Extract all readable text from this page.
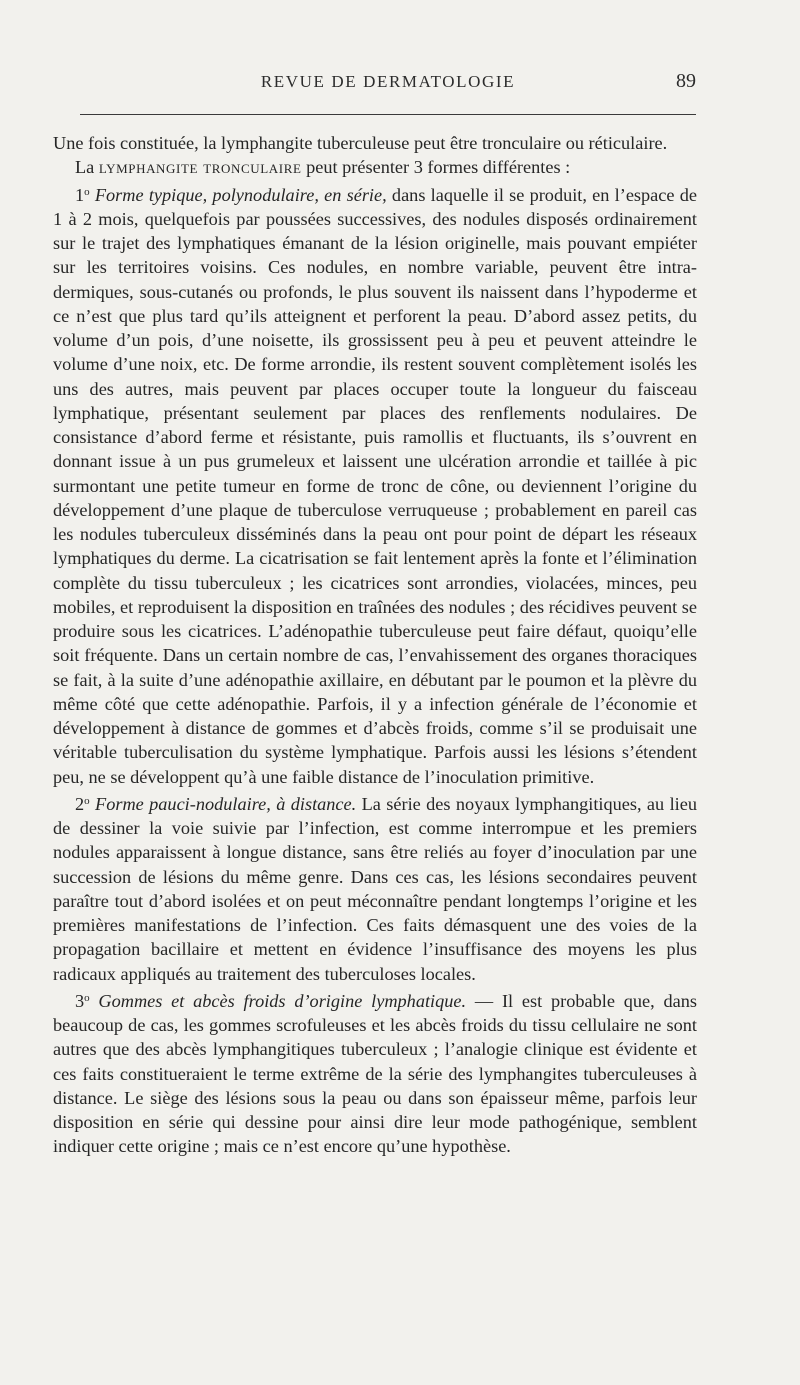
REVUE DE DERMATOLOGIE	89

Une fois constituée, la lymphangite tuberculeuse peut être tronculaire ou réticulaire.

La lymphangite tronculaire peut présenter 3 formes différentes :

1$^o$ Forme typique, polynodulaire, en série, dans laquelle il se produit, en l’espace de 1 à 2 mois, quelquefois par poussées successives, des nodules disposés ordinairement sur le trajet des lymphatiques émanant de la lésion originelle, mais pouvant empiéter sur les territoires voisins. Ces nodules, en nombre variable, peuvent être intra-dermiques, sous-cutanés ou profonds, le plus souvent ils naissent dans l’hypoderme et ce n’est que plus tard qu’ils atteignent et perforent la peau. D’abord assez petits, du volume d’un pois, d’une noisette, ils grossissent peu à peu et peuvent atteindre le volume d’une noix, etc. De forme arrondie, ils restent souvent complètement isolés les uns des autres, mais peuvent par places occuper toute la longueur du faisceau lymphatique, présentant seulement par places des renflements nodulaires. De consistance d’abord ferme et résistante, puis ramollis et fluctuants, ils s’ouvrent en donnant issue à un pus grumeleux et laissent une ulcération arrondie et taillée à pic surmontant une petite tumeur en forme de tronc de cône, ou deviennent l’origine du développement d’une plaque de tuberculose verruqueuse ; probablement en pareil cas les nodules tuberculeux disséminés dans la peau ont pour point de départ les réseaux lymphatiques du derme. La cicatrisation se fait lentement après la fonte et l’élimination complète du tissu tuberculeux ; les cicatrices sont arrondies, violacées, minces, peu mobiles, et reproduisent la disposition en traînées des nodules ; des récidives peuvent se produire sous les cicatrices. L’adénopathie tuberculeuse peut faire défaut, quoiqu’elle soit fréquente. Dans un certain nombre de cas, l’envahissement des organes thoraciques se fait, à la suite d’une adénopathie axillaire, en débutant par le poumon et la plèvre du même côté que cette adénopathie. Parfois, il y a infection générale de l’économie et développement à distance de gommes et d’abcès froids, comme s’il se produisait une véritable tuberculisation du système lymphatique. Parfois aussi les lésions s’étendent peu, ne se développent qu’à une faible distance de l’inoculation primitive.

2$^o$ Forme pauci-nodulaire, à distance. La série des noyaux lymphangitiques, au lieu de dessiner la voie suivie par l’infection, est comme interrompue et les premiers nodules apparaissent à longue distance, sans être reliés au foyer d’inoculation par une succession de lésions du même genre. Dans ces cas, les lésions secondaires peuvent paraître tout d’abord isolées et on peut méconnaître pendant longtemps l’origine et les premières manifestations de l’infection. Ces faits démasquent une des voies de la propagation bacillaire et mettent en évidence l’insuffisance des moyens les plus radicaux appliqués au traitement des tuberculoses locales.

3$^o$ Gommes et abcès froids d’origine lymphatique. — Il est probable que, dans beaucoup de cas, les gommes scrofuleuses et les abcès froids du tissu cellulaire ne sont autres que des abcès lymphangitiques tuberculeux ; l’analogie clinique est évidente et ces faits constitueraient le terme extrême de la série des lymphangites tuberculeuses à distance. Le siège des lésions sous la peau ou dans son épaisseur même, parfois leur disposition en série qui dessine pour ainsi dire leur mode pathogénique, semblent indiquer cette origine ; mais ce n’est encore qu’une hypothèse.
